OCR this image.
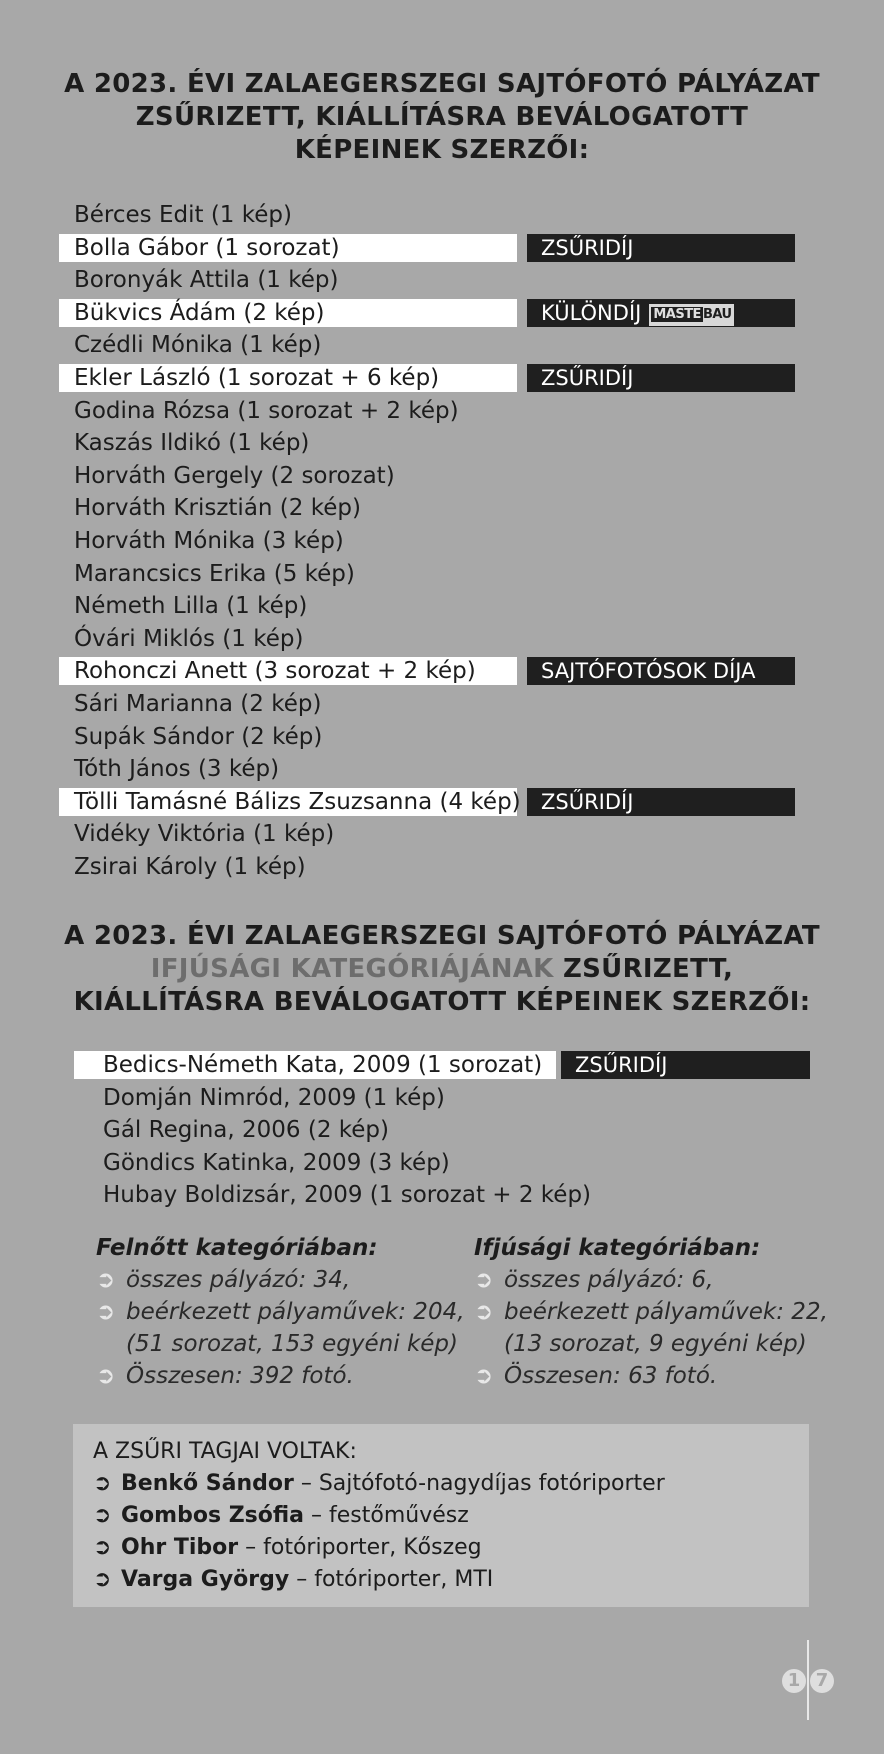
A 2023. ÉVI ZALAEGERSZEGI SAJTÓFOTÓ PÁLYÁZAT
ZSŰRIZETT, KIÁLLÍTÁSRA BEVÁLOGATOTT
KÉPEINEK SZERZŐI:
Bérces Edit (1 kép)
Bolla Gábor (1 sorozat)	ZSŰRIDÍJ
Boronyák Attila (1 kép)
Bükvics Ádám (2 kép)	KÜLÖNDÍJ MASTE BAU
Czédli Mónika (1 kép)
Ekler László (1 sorozat + 6 kép)	ZSŰRIDÍJ
Godina Rózsa (1 sorozat + 2 kép)
Kaszás Ildikó (1 kép)
Horváth Gergely (2 sorozat)
Horváth Krisztián (2 kép)
Horváth Mónika (3 kép)
Marancsics Erika (5 kép)
Németh Lilla (1 kép)
Óvári Miklós (1 kép)
Rohonczi Anett (3 sorozat + 2 kép)	SAJTÓFOTÓSOK DÍJA
Sári Marianna (2 kép)
Supák Sándor (2 kép)
Tóth János (3 kép)
Tölli Tamásné Bálizs Zsuzsanna (4 kép) ZSŰRIDÍJ
Vidéky Viktória (1 kép)
Zsirai Károly (1 kép)
A 2023. ÉVI ZALAEGERSZEGI SAJTÓFOTÓ PÁLYÁZAT
IFJÚSÁGI KATEGÓRIÁJÁNAK ZSŰRIZETT,
KIÁLLÍTÁSRA BEVÁLOGATOTT KÉPEINEK SZERZŐI:
Bedics-Németh Kata, 2009 (1 sorozat)	ZSŰRIDÍJ
Domján Nimród, 2009 (1 kép)
Gál Regina, 2006 (2 kép)
Göndics Katinka, 2009 (3 kép)
Hubay Boldizsár, 2009 (1 sorozat + 2 kép)
Felnőtt kategóriában:
➲ összes pályázó: 34,
➲ beérkezett pályaművek: 204,
(51 sorozat, 153 egyéni kép)
➲ Összesen: 392 fotó.
Ifjúsági kategóriában:
➲ összes pályázó: 6,
➲ beérkezett pályaművek: 22,
(13 sorozat, 9 egyéni kép)
➲ Összesen: 63 fotó.
A ZSŰRI TAGJAI VOLTAK:
➲ Benkő Sándor – Sajtófotó-nagydíjas fotóriporter
➲ Gombos Zsófia – festőművész
➲ Ohr Tibor – fotóriporter, Kőszeg
➲ Varga György – fotóriporter, MTI
1 7
